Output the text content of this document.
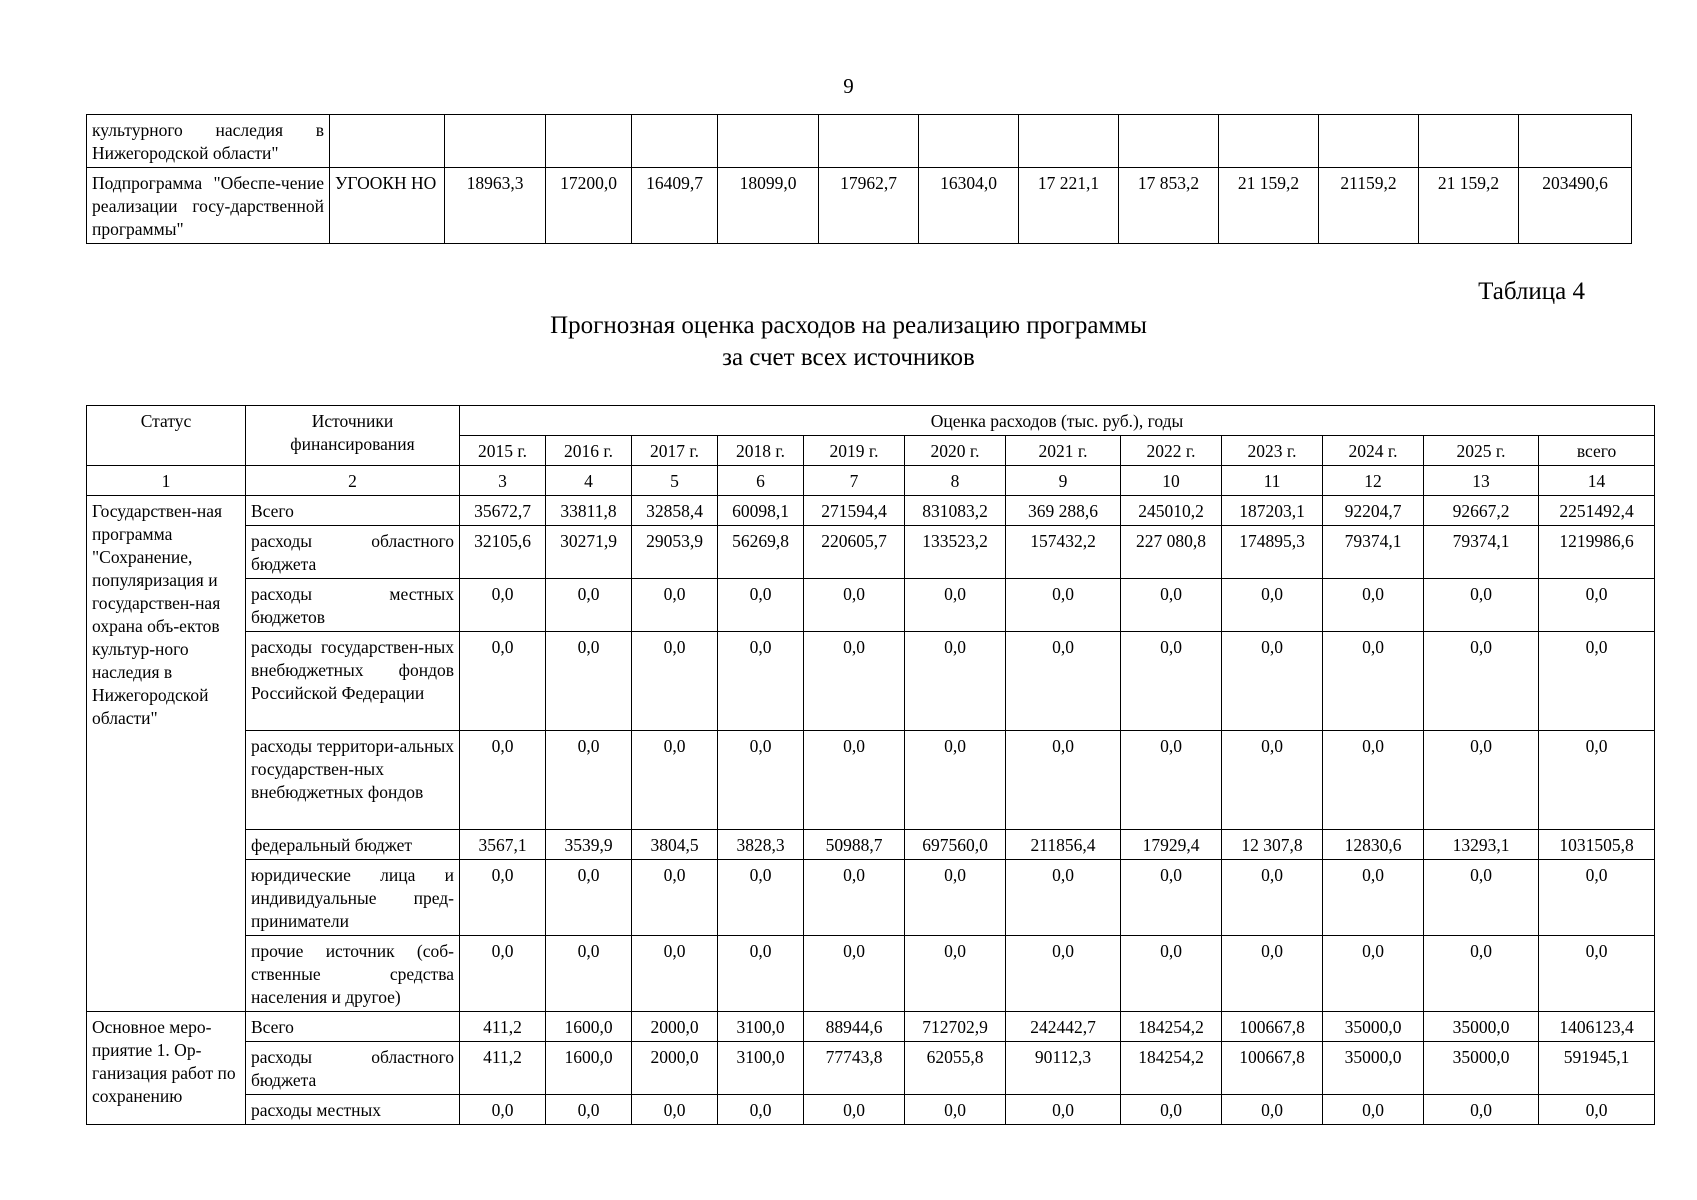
9
культурного наследия в Нижегородской области"													
Подпрограмма "Обеспе-чение реализации госу-дарственной программы"	УГООКН НО	18963,3	17200,0	16409,7	18099,0	17962,7	16304,0	17 221,1	17 853,2	21 159,2	21159,2	21 159,2	203490,6
Таблица 4
Прогнозная оценка расходов на реализацию программы
за счет всех источников
Статус	Источники финансирования	Оценка расходов (тыс. руб.), годы											
		2015 г.	2016 г.	2017 г.	2018 г.	2019 г.	2020 г.	2021 г.	2022 г.	2023 г.	2024 г.	2025 г.	всего
1	2	3	4	5	6	7	8	9	10	11	12	13	14
Государствен-ная программа "Сохранение, популяризация и государствен-ная охрана объ-ектов культур-ного наследия в Нижегородской области"	Всего	35672,7	33811,8	32858,4	60098,1	271594,4	831083,2	369 288,6	245010,2	187203,1	92204,7	92667,2	2251492,4
	расходы областного бюджета	32105,6	30271,9	29053,9	56269,8	220605,7	133523,2	157432,2	227 080,8	174895,3	79374,1	79374,1	1219986,6
	расходы местных бюджетов	0,0	0,0	0,0	0,0	0,0	0,0	0,0	0,0	0,0	0,0	0,0	0,0
	расходы государствен-ных внебюджетных фондов Российской Федерации	0,0	0,0	0,0	0,0	0,0	0,0	0,0	0,0	0,0	0,0	0,0	0,0
	расходы территори-альных государствен-ных внебюджетных фондов	0,0	0,0	0,0	0,0	0,0	0,0	0,0	0,0	0,0	0,0	0,0	0,0
	федеральный бюджет	3567,1	3539,9	3804,5	3828,3	50988,7	697560,0	211856,4	17929,4	12 307,8	12830,6	13293,1	1031505,8
	юридические лица и индивидуальные пред-приниматели	0,0	0,0	0,0	0,0	0,0	0,0	0,0	0,0	0,0	0,0	0,0	0,0
	прочие источник (соб-ственные средства населения и другое)	0,0	0,0	0,0	0,0	0,0	0,0	0,0	0,0	0,0	0,0	0,0	0,0
Основное меро-приятие 1. Ор-ганизация работ по сохранению	Всего	411,2	1600,0	2000,0	3100,0	88944,6	712702,9	242442,7	184254,2	100667,8	35000,0	35000,0	1406123,4
	расходы областного бюджета	411,2	1600,0	2000,0	3100,0	77743,8	62055,8	90112,3	184254,2	100667,8	35000,0	35000,0	591945,1
	расходы местных	0,0	0,0	0,0	0,0	0,0	0,0	0,0	0,0	0,0	0,0	0,0	0,0
